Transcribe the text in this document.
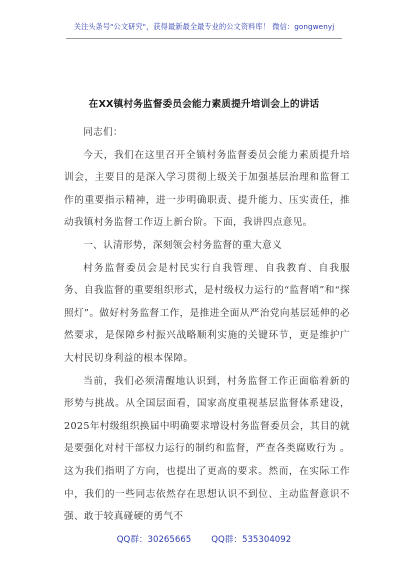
关注头条号"公文研究"，获得最新最全最专业的公文资料库！ 微信：gongwenyj
在XX镇村务监督委员会能力素质提升培训会上的讲话

同志们：

今天，我们在这里召开全镇村务监督委员会能力素质提升培训会，主要目的是深入学习贯彻上级关于加强基层治理和监督工作的重要指示精神，进一步明确职责、提升能力、压实责任，推动我镇村务监督工作迈上新台阶。下面，我讲四点意见。

一、认清形势，深刻领会村务监督的重大意义

村务监督委员会是村民实行自我管理、自我教育、自我服务、自我监督的重要组织形式，是村级权力运行的“监督哨”和“探照灯”。做好村务监督工作，是推进全面从严治党向基层延伸的必然要求，是保障乡村振兴战略顺利实施的关键环节，更是维护广大村民切身利益的根本保障。

当前，我们必须清醒地认识到，村务监督工作正面临着新的形势与挑战。从全国层面看，国家高度重视基层监督体系建设，2025年村级组织换届中明确要求增设村务监督委员会，其目的就是要强化对村干部权力运行的制约和监督，严查各类腐败行为 。这为我们指明了方向，也提出了更高的要求。然而，在实际工作中，我们的一些同志依然存在思想认识不到位、主动监督意识不强、敢于较真碰硬的勇气不

QQ群：30265665 QQ群：535304092
